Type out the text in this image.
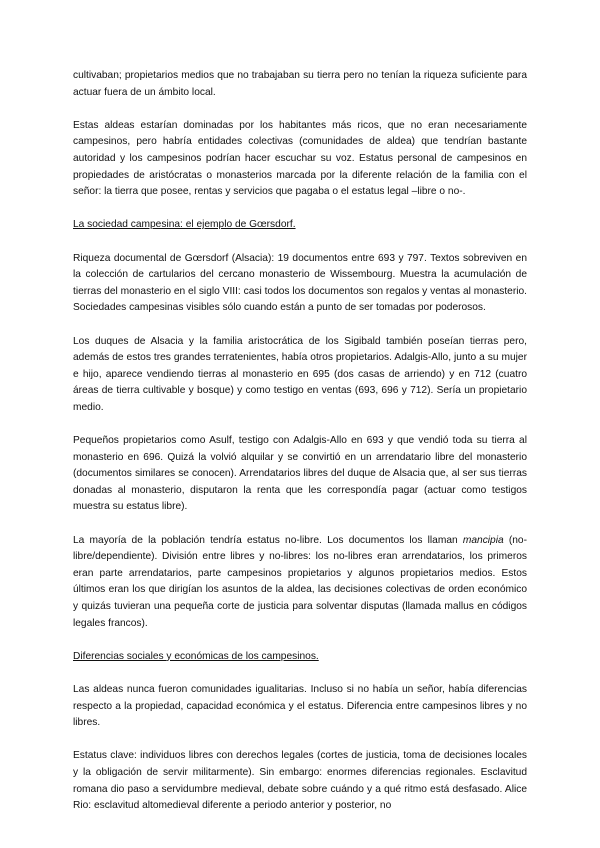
cultivaban; propietarios medios que no trabajaban su tierra pero no tenían la riqueza suficiente para actuar fuera de un ámbito local.

Estas aldeas estarían dominadas por los habitantes más ricos, que no eran necesariamente campesinos, pero habría entidades colectivas (comunidades de aldea) que tendrían bastante autoridad y los campesinos podrían hacer escuchar su voz. Estatus personal de campesinos en propiedades de aristócratas o monasterios marcada por la diferente relación de la familia con el señor: la tierra que posee, rentas y servicios que pagaba o el estatus legal –libre o no-.

La sociedad campesina: el ejemplo de Gœrsdorf.

Riqueza documental de Gœrsdorf (Alsacia): 19 documentos entre 693 y 797. Textos sobreviven en la colección de cartularios del cercano monasterio de Wissembourg. Muestra la acumulación de tierras del monasterio en el siglo VIII: casi todos los documentos son regalos y ventas al monasterio. Sociedades campesinas visibles sólo cuando están a punto de ser tomadas por poderosos.

Los duques de Alsacia y la familia aristocrática de los Sigibald también poseían tierras pero, además de estos tres grandes terratenientes, había otros propietarios. Adalgis-Allo, junto a su mujer e hijo, aparece vendiendo tierras al monasterio en 695 (dos casas de arriendo) y en 712 (cuatro áreas de tierra cultivable y bosque) y como testigo en ventas (693, 696 y 712). Sería un propietario medio.

Pequeños propietarios como Asulf, testigo con Adalgis-Allo en 693 y que vendió toda su tierra al monasterio en 696. Quizá la volvió alquilar y se convirtió en un arrendatario libre del monasterio (documentos similares se conocen). Arrendatarios libres del duque de Alsacia que, al ser sus tierras donadas al monasterio, disputaron la renta que les correspondía pagar (actuar como testigos muestra su estatus libre).

La mayoría de la población tendría estatus no-libre. Los documentos los llaman mancipia (no-libre/dependiente). División entre libres y no-libres: los no-libres eran arrendatarios, los primeros eran parte arrendatarios, parte campesinos propietarios y algunos propietarios medios. Estos últimos eran los que dirigían los asuntos de la aldea, las decisiones colectivas de orden económico y quizás tuvieran una pequeña corte de justicia para solventar disputas (llamada mallus en códigos legales francos).

Diferencias sociales y económicas de los campesinos.

Las aldeas nunca fueron comunidades igualitarias. Incluso si no había un señor, había diferencias respecto a la propiedad, capacidad económica y el estatus. Diferencia entre campesinos libres y no libres.

Estatus clave: individuos libres con derechos legales (cortes de justicia, toma de decisiones locales y la obligación de servir militarmente). Sin embargo: enormes diferencias regionales. Esclavitud romana dio paso a servidumbre medieval, debate sobre cuándo y a qué ritmo está desfasado. Alice Rio: esclavitud altomedieval diferente a periodo anterior y posterior, no
